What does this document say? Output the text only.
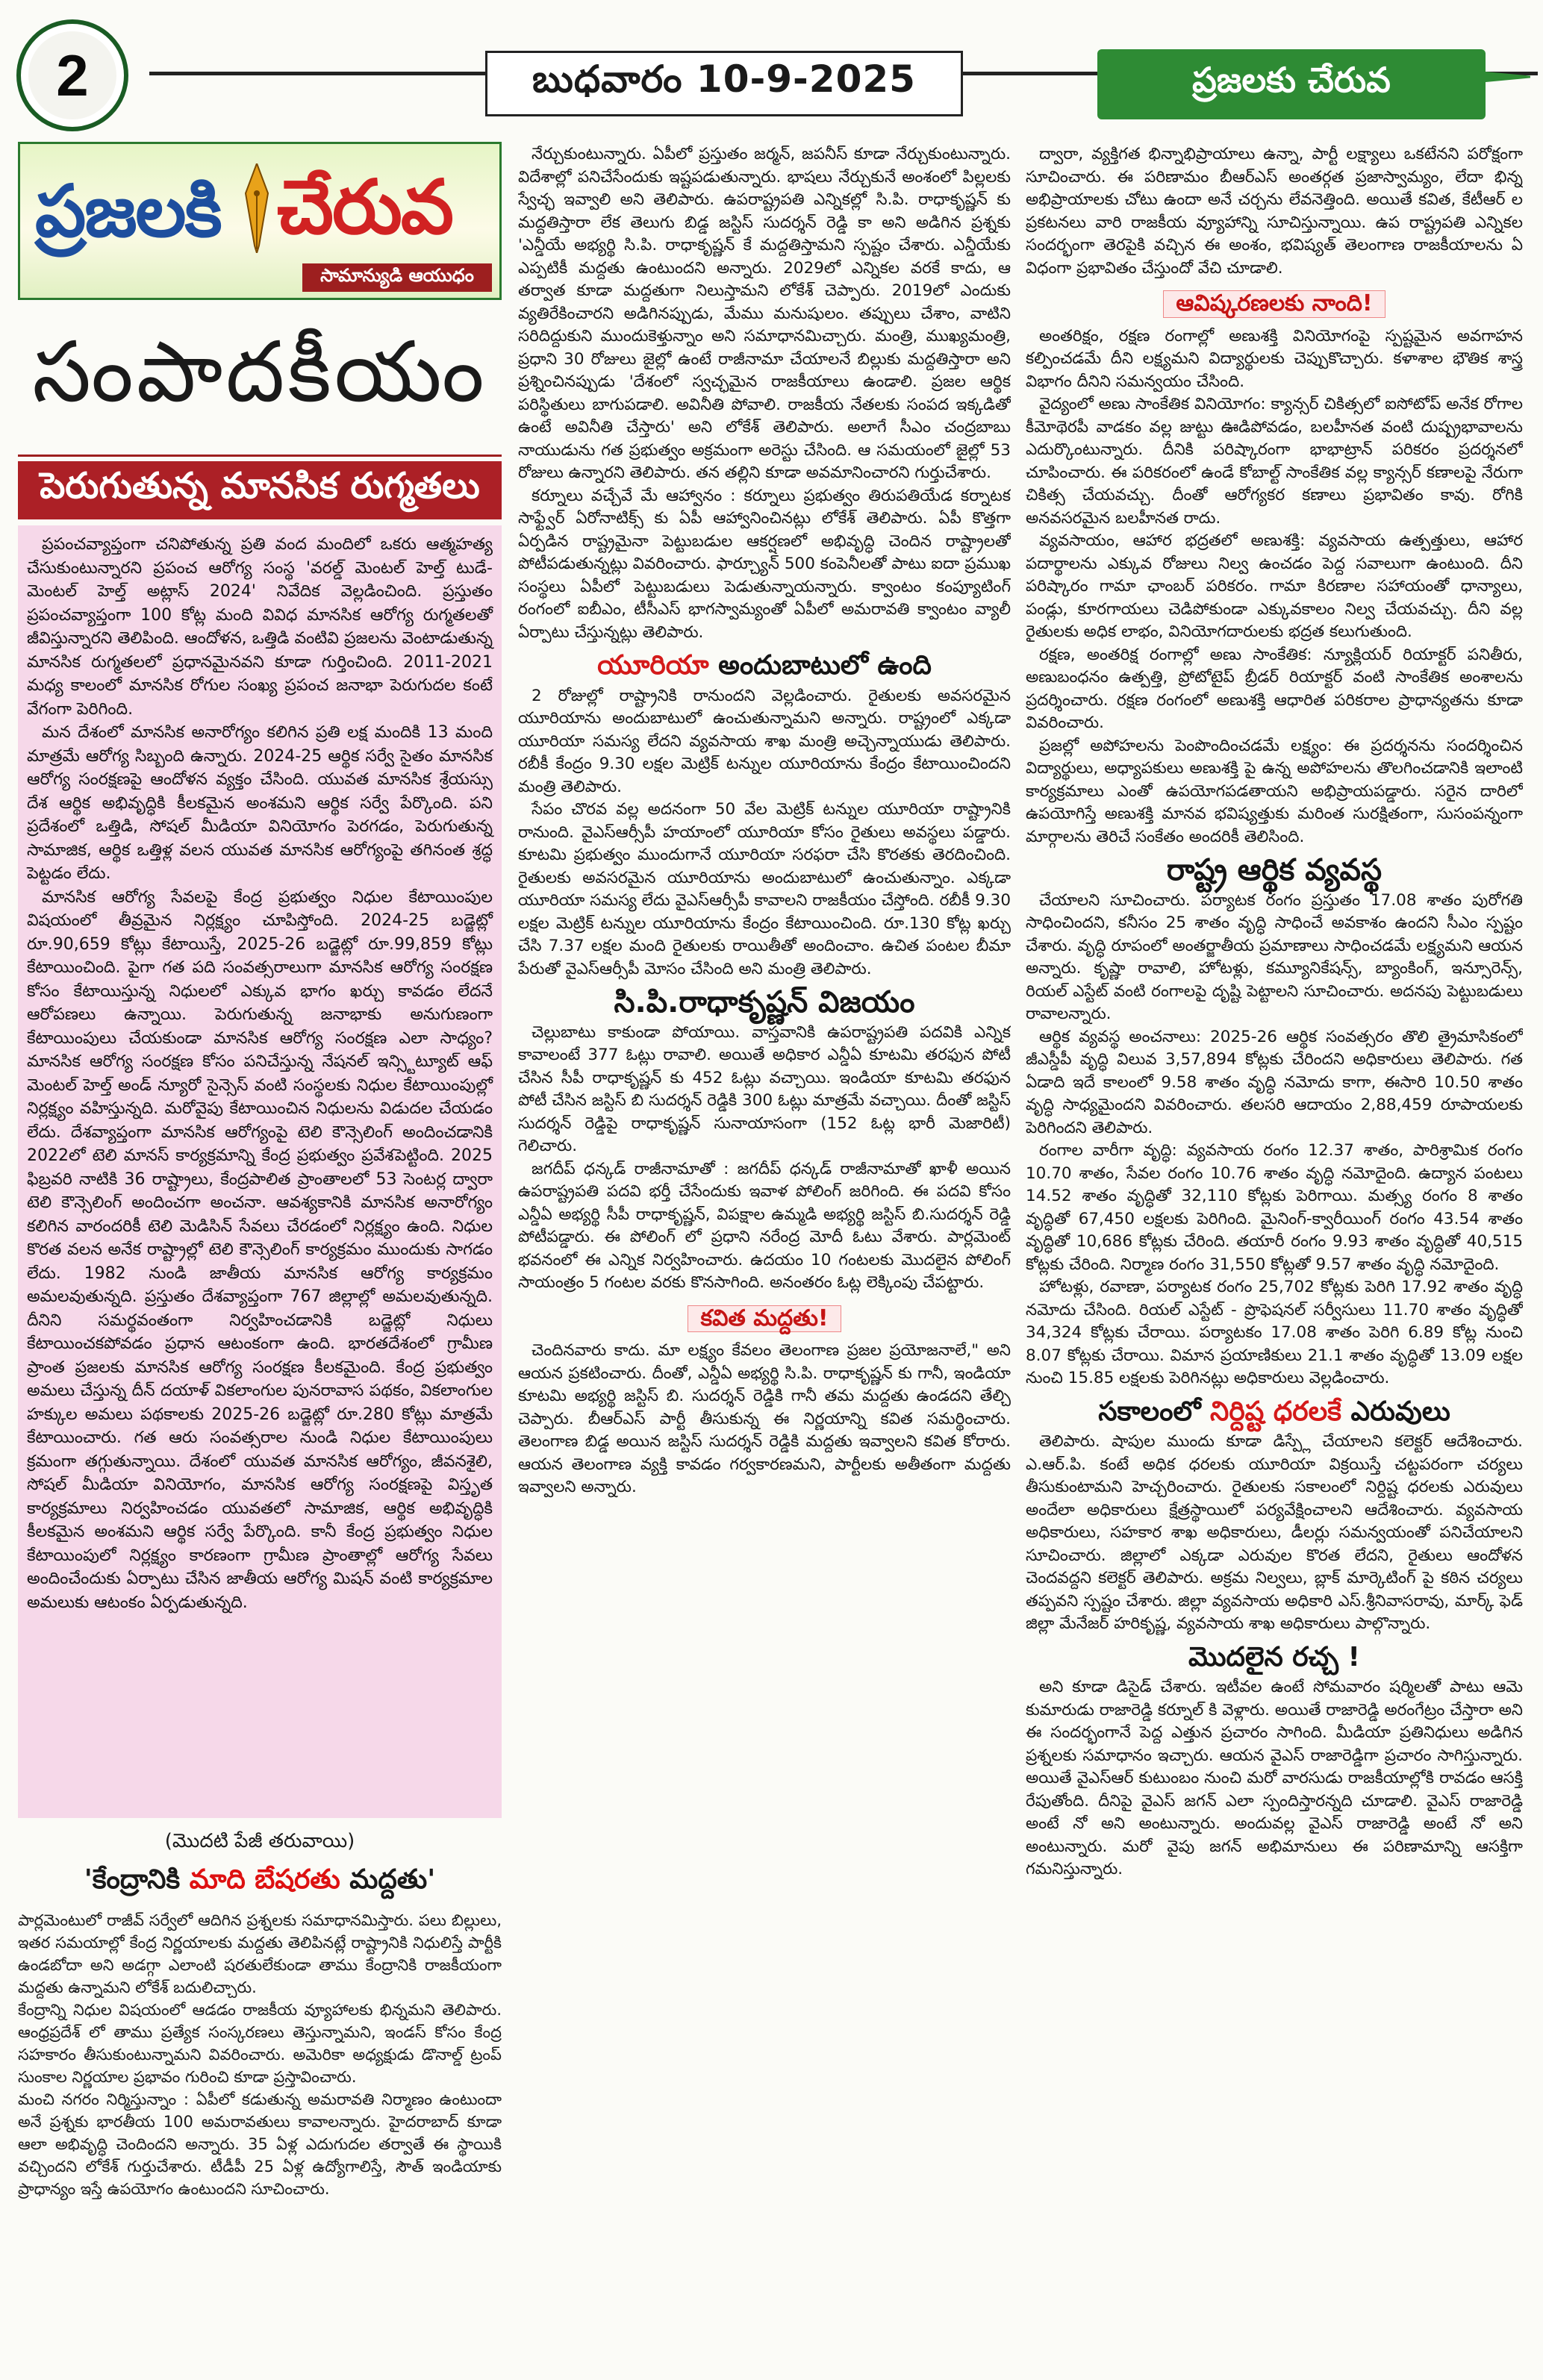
2	బుధవారం 10-9-2025	ప్రజలకు చేరువ
ప్రజలకి చేరువ
సామాన్యుడి ఆయుధం
సంపాదకీయం
పెరుగుతున్న మానసిక రుగ్మతలు

ప్రపంచవ్యాప్తంగా చనిపోతున్న ప్రతి వంద మందిలో ఒకరు ఆత్మహత్య చేసుకుంటున్నారని ప్రపంచ ఆరోగ్య సంస్థ 'వరల్డ్ మెంటల్ హెల్త్ టుడే- మెంటల్ హెల్త్ అట్లాస్ 2024' నివేదిక వెల్లడించింది. ప్రస్తుతం ప్రపంచవ్యాప్తంగా 100 కోట్ల మంది వివిధ మానసిక ఆరోగ్య రుగ్మతలతో జీవిస్తున్నారని తెలిపింది. ఆందోళన, ఒత్తిడి వంటివి ప్రజలను వెంటాడుతున్న మానసిక రుగ్మతలలో ప్రధానమైనవని కూడా గుర్తించింది. 2011-2021 మధ్య కాలంలో మానసిక రోగుల సంఖ్య ప్రపంచ జనాభా పెరుగుదల కంటే వేగంగా పెరిగింది.

మన దేశంలో మానసిక అనారోగ్యం కలిగిన ప్రతి లక్ష మందికి 13 మంది మాత్రమే ఆరోగ్య సిబ్బంది ఉన్నారు. 2024-25 ఆర్థిక సర్వే సైతం మానసిక ఆరోగ్య సంరక్షణపై ఆందోళన వ్యక్తం చేసింది. యువత మానసిక శ్రేయస్సు దేశ ఆర్థిక అభివృద్ధికి కీలకమైన అంశమని ఆర్థిక సర్వే పేర్కొంది. పని ప్రదేశంలో ఒత్తిడి, సోషల్ మీడియా వినియోగం పెరగడం, పెరుగుతున్న సామాజిక, ఆర్థిక ఒత్తిళ్ల వలన యువత మానసిక ఆరోగ్యంపై తగినంత శ్రద్ధ పెట్టడం లేదు.

మానసిక ఆరోగ్య సేవలపై కేంద్ర ప్రభుత్వం నిధుల కేటాయింపుల విషయంలో తీవ్రమైన నిర్లక్ష్యం చూపిస్తోంది. 2024-25 బడ్జెట్లో రూ.90,659 కోట్లు కేటాయిస్తే, 2025-26 బడ్జెట్లో రూ.99,859 కోట్లు కేటాయించింది. పైగా గత పది సంవత్సరాలుగా మానసిక ఆరోగ్య సంరక్షణ కోసం కేటాయిస్తున్న నిధులలో ఎక్కువ భాగం ఖర్చు కావడం లేదనే ఆరోపణలు ఉన్నాయి. పెరుగుతున్న జనాభాకు అనుగుణంగా కేటాయింపులు చేయకుండా మానసిక ఆరోగ్య సంరక్షణ ఎలా సాధ్యం? మానసిక ఆరోగ్య సంరక్షణ కోసం పనిచేస్తున్న నేషనల్ ఇన్స్టిట్యూట్ ఆఫ్ మెంటల్ హెల్త్ అండ్ న్యూరో సైన్సెస్ వంటి సంస్థలకు నిధుల కేటాయింపుల్లో నిర్లక్ష్యం వహిస్తున్నది. మరోవైపు కేటాయించిన నిధులను విడుదల చేయడం లేదు. దేశవ్యాప్తంగా మానసిక ఆరోగ్యంపై టెలి కౌన్సెలింగ్ అందించడానికి 2022లో టెలి మానస్ కార్యక్రమాన్ని కేంద్ర ప్రభుత్వం ప్రవేశపెట్టింది. 2025 ఫిబ్రవరి నాటికి 36 రాష్ట్రాలు, కేంద్రపాలిత ప్రాంతాలలో 53 సెంటర్ల ద్వారా టెలి కౌన్సెలింగ్ అందించగా అంచనా. ఆవశ్యకానికి మానసిక అనారోగ్యం కలిగిన వారందరికీ టెలి మెడిసిన్ సేవలు చేరడంలో నిర్లక్ష్యం ఉంది. నిధుల కొరత వలన అనేక రాష్ట్రాల్లో టెలి కౌన్సెలింగ్ కార్యక్రమం ముందుకు సాగడం లేదు. 1982 నుండి జాతీయ మానసిక ఆరోగ్య కార్యక్రమం అమలవుతున్నది. ప్రస్తుతం దేశవ్యాప్తంగా 767 జిల్లాల్లో అమలవుతున్నది. దీనిని సమర్థవంతంగా నిర్వహించడానికి బడ్జెట్లో నిధులు కేటాయించకపోవడం ప్రధాన ఆటంకంగా ఉంది. భారతదేశంలో గ్రామీణ ప్రాంత ప్రజలకు మానసిక ఆరోగ్య సంరక్షణ కీలకమైంది. కేంద్ర ప్రభుత్వం అమలు చేస్తున్న దీన్ దయాళ్ వికలాంగుల పునరావాస పథకం, వికలాంగుల హక్కుల అమలు పథకాలకు 2025-26 బడ్జెట్లో రూ.280 కోట్లు మాత్రమే కేటాయించారు. గత ఆరు సంవత్సరాల నుండి నిధుల కేటాయింపులు క్రమంగా తగ్గుతున్నాయి. దేశంలో యువత మానసిక ఆరోగ్యం, జీవనశైలి, సోషల్ మీడియా వినియోగం, మానసిక ఆరోగ్య సంరక్షణపై విస్తృత కార్యక్రమాలు నిర్వహించడం యువతలో సామాజిక, ఆర్థిక అభివృద్ధికి కీలకమైన అంశమని ఆర్థిక సర్వే పేర్కొంది. కానీ కేంద్ర ప్రభుత్వం నిధుల కేటాయింపులో నిర్లక్ష్యం కారణంగా గ్రామీణ ప్రాంతాల్లో ఆరోగ్య సేవలు అందించేందుకు ఏర్పాటు చేసిన జాతీయ ఆరోగ్య మిషన్ వంటి కార్యక్రమాల అమలుకు ఆటంకం ఏర్పడుతున్నది.

(మొదటి పేజీ తరువాయి)
'కేంద్రానికి మాది బేషరతు మద్దతు'

పార్లమెంటులో రాజీవ్ సర్వేలో ఆదిగిన ప్రశ్నలకు సమాధానమిస్తారు. పలు బిల్లులు, ఇతర సమయాల్లో కేంద్ర నిర్ణయాలకు మద్దతు తెలిపినట్లే రాష్ట్రానికి నిధులిస్తే పార్టీకి ఉండబోదా అని అడగ్గా ఎలాంటి షరతులేకుండా తాము కేంద్రానికి రాజకీయంగా మద్దతు ఉన్నామని లోకేశ్ బదులిచ్చారు.

కేంద్రాన్ని నిధుల విషయంలో ఆడడం రాజకీయ వ్యూహాలకు భిన్నమని తెలిపారు. ఆంధ్రప్రదేశ్ లో తాము ప్రత్యేక సంస్కరణలు తెస్తున్నామని, ఇండస్ కోసం కేంద్ర సహకారం తీసుకుంటున్నామని వివరించారు. అమెరికా అధ్యక్షుడు డొనాల్డ్ ట్రంప్ సుంకాల నిర్ణయాల ప్రభావం గురించి కూడా ప్రస్తావించారు.

మంచి నగరం నిర్మిస్తున్నాం : ఏపీలో కడుతున్న అమరావతి నిర్మాణం ఉంటుందా అనే ప్రశ్నకు భారతీయ 100 అమరావతులు కావాలన్నారు. హైదరాబాద్ కూడా ఆలా అభివృద్ధి చెందిందని అన్నారు. 35 ఏళ్ల ఎదుగుదల తర్వాతే ఈ స్థాయికి వచ్చిందని లోకేశ్ గుర్తుచేశారు. టీడీపీ 25 ఏళ్ల ఉద్యోగాలిస్తే, సౌత్ ఇండియాకు ప్రాధాన్యం ఇస్తే ఉపయోగం ఉంటుందని సూచించారు.

నేర్చుకుంటున్నారు. ఏపీలో ప్రస్తుతం జర్మన్, జపనీస్ కూడా నేర్చుకుంటున్నారు. విదేశాల్లో పనిచేసేందుకు ఇష్టపడుతున్నారు. భాషలు నేర్చుకునే అంశంలో పిల్లలకు స్వేచ్ఛ ఇవ్వాలి అని తెలిపారు. ఉపరాష్ట్రపతి ఎన్నికల్లో సి.పి. రాధాకృష్ణన్ కు మద్దతిస్తారా లేక తెలుగు బిడ్డ జస్టిస్ సుదర్శన్ రెడ్డి కా అని అడిగిన ప్రశ్నకు 'ఎన్డీయే అభ్యర్థి సి.పి. రాధాకృష్ణన్ కే మద్దతిస్తామని స్పష్టం చేశారు. ఎన్డీయేకు ఎప్పటికీ మద్దతు ఉంటుందని అన్నారు. 2029లో ఎన్నికల వరకే కాదు, ఆ తర్వాత కూడా మద్దతుగా నిలుస్తామని లోకేశ్ చెప్పారు. 2019లో ఎందుకు వ్యతిరేకించారని అడిగినప్పుడు, మేము మనుషులం. తప్పులు చేశాం, వాటిని సరిదిద్దుకుని ముందుకెళ్తున్నాం అని సమాధానమిచ్చారు. మంత్రి, ముఖ్యమంత్రి, ప్రధాని 30 రోజులు జైల్లో ఉంటే రాజీనామా చేయాలనే బిల్లుకు మద్దతిస్తారా అని ప్రశ్నించినప్పుడు 'దేశంలో స్వచ్ఛమైన రాజకీయాలు ఉండాలి. ప్రజల ఆర్థిక పరిస్థితులు బాగుపడాలి. అవినీతి పోవాలి. రాజకీయ నేతలకు సంపద ఇక్కడితో ఉంటే అవినీతి చేస్తారు' అని లోకేశ్ తెలిపారు. అలాగే సీఎం చంద్రబాబు నాయుడును గత ప్రభుత్వం అక్రమంగా అరెస్టు చేసింది. ఆ సమయంలో జైల్లో 53 రోజులు ఉన్నారని తెలిపారు. తన తల్లిని కూడా అవమానించారని గుర్తుచేశారు.

కర్నూలు వచ్చేవే మే ఆహ్వానం : కర్నూలు ప్రభుత్వం తిరుపతియేడ కర్నాటక సాఫ్ట్వేర్ ఏరోనాటిక్స్ కు ఏపీ ఆహ్వానించినట్లు లోకేశ్ తెలిపారు. ఏపీ కొత్తగా ఏర్పడిన రాష్ట్రమైనా పెట్టుబడుల ఆకర్షణలో అభివృద్ధి చెందిన రాష్ట్రాలతో పోటీపడుతున్నట్లు వివరించారు. ఫార్చ్యూన్ 500 కంపెనీలతో పాటు ఐదా ప్రముఖ సంస్థలు ఏపీలో పెట్టుబడులు పెడుతున్నాయన్నారు. క్వాంటం కంప్యూటింగ్ రంగంలో ఐబీఎం, టీసీఎస్ భాగస్వామ్యంతో ఏపీలో అమరావతి క్వాంటం వ్యాలీ ఏర్పాటు చేస్తున్నట్లు తెలిపారు.

యూరియా అందుబాటులో ఉంది

2 రోజుల్లో రాష్ట్రానికి రానుందని వెల్లడించారు. రైతులకు అవసరమైన యూరియాను అందుబాటులో ఉంచుతున్నామని అన్నారు. రాష్ట్రంలో ఎక్కడా యూరియా సమస్య లేదని వ్యవసాయ శాఖ మంత్రి అచ్చెన్నాయుడు తెలిపారు. రబీకీ కేంద్రం 9.30 లక్షల మెట్రిక్ టన్నుల యూరియాను కేంద్రం కేటాయించిందని మంత్రి తెలిపారు.

సేపం చొరవ వల్ల అదనంగా 50 వేల మెట్రిక్ టన్నుల యూరియా రాష్ట్రానికి రానుంది. వైఎస్ఆర్సీపీ హయాంలో యూరియా కోసం రైతులు అవస్థలు పడ్డారు. కూటమి ప్రభుత్వం ముందుగానే యూరియా సరఫరా చేసి కొరతకు తెరదించింది. రైతులకు అవసరమైన యూరియాను అందుబాటులో ఉంచుతున్నాం. ఎక్కడా యూరియా సమస్య లేదు వైఎస్ఆర్సీపీ కావాలని రాజకీయం చేస్తోంది. రబీకీ 9.30 లక్షల మెట్రిక్ టన్నుల యూరియాను కేంద్రం కేటాయించింది. రూ.130 కోట్ల ఖర్చు చేసి 7.37 లక్షల మంది రైతులకు రాయితీతో అందించాం. ఉచిత పంటల బీమా పేరుతో వైఎస్ఆర్సీపీ మోసం చేసింది అని మంత్రి తెలిపారు.

సి.పి.రాధాకృష్ణన్ విజయం

చెల్లుబాటు కాకుండా పోయాయి. వాస్తవానికి ఉపరాష్ట్రపతి పదవికి ఎన్నిక కావాలంటే 377 ఓట్లు రావాలి. అయితే అధికార ఎన్డీఏ కూటమి తరఫున పోటీ చేసిన సీపీ రాధాకృష్ణన్ కు 452 ఓట్లు వచ్చాయి. ఇండియా కూటమి తరఫున పోటీ చేసిన జస్టిస్ బి సుదర్శన్ రెడ్డికి 300 ఓట్లు మాత్రమే వచ్చాయి. దీంతో జస్టిస్ సుదర్శన్ రెడ్డిపై రాధాకృష్ణన్ సునాయాసంగా (152 ఓట్ల భారీ మెజారిటీ) గెలిచారు.

జగదీప్ ధన్కడ్ రాజీనామాతో : జగదీప్ ధన్కడ్ రాజీనామాతో ఖాళీ అయిన ఉపరాష్ట్రపతి పదవి భర్తీ చేసేందుకు ఇవాళ పోలింగ్ జరిగింది. ఈ పదవి కోసం ఎన్డీఏ అభ్యర్థి సీపీ రాధాకృష్ణన్, విపక్షాల ఉమ్మడి అభ్యర్థి జస్టిస్ బి.సుదర్శన్ రెడ్డి పోటీపడ్డారు. ఈ పోలింగ్ లో ప్రధాని నరేంద్ర మోదీ ఓటు వేశారు. పార్లమెంట్ భవనంలో ఈ ఎన్నిక నిర్వహించారు. ఉదయం 10 గంటలకు మొదలైన పోలింగ్ సాయంత్రం 5 గంటల వరకు కొనసాగింది. అనంతరం ఓట్ల లెక్కింపు చేపట్టారు.

కవిత మద్దతు!

చెందినవారు కాదు. మా లక్ష్యం కేవలం తెలంగాణ ప్రజల ప్రయోజనాలే," అని ఆయన ప్రకటించారు. దీంతో, ఎన్డీఏ అభ్యర్థి సి.పి. రాధాకృష్ణన్ కు గానీ, ఇండియా కూటమి అభ్యర్థి జస్టిస్ బి. సుదర్శన్ రెడ్డికి గానీ తమ మద్దతు ఉండదని తేల్చి చెప్పారు. బీఆర్ఎస్ పార్టీ తీసుకున్న ఈ నిర్ణయాన్ని కవిత సమర్థించారు. తెలంగాణ బిడ్డ అయిన జస్టిస్ సుదర్శన్ రెడ్డికి మద్దతు ఇవ్వాలని కవిత కోరారు. ఆయన తెలంగాణ వ్యక్తి కావడం గర్వకారణమని, పార్టీలకు అతీతంగా మద్దతు ఇవ్వాలని అన్నారు.

ద్వారా, వ్యక్తిగత భిన్నాభిప్రాయాలు ఉన్నా, పార్టీ లక్ష్యాలు ఒకటేనని పరోక్షంగా సూచించారు. ఈ పరిణామం బీఆర్ఎస్ అంతర్గత ప్రజాస్వామ్యం, లేదా భిన్న అభిప్రాయాలకు చోటు ఉందా అనే చర్చను లేవనెత్తింది. అయితే కవిత, కేటీఆర్ ల ప్రకటనలు వారి రాజకీయ వ్యూహాన్ని సూచిస్తున్నాయి. ఉప రాష్ట్రపతి ఎన్నికల సందర్భంగా తెరపైకి వచ్చిన ఈ అంశం, భవిష్యత్ తెలంగాణ రాజకీయాలను ఏ విధంగా ప్రభావితం చేస్తుందో వేచి చూడాలి.

ఆవిష్కరణలకు నాంది!

అంతరిక్షం, రక్షణ రంగాల్లో అణుశక్తి వినియోగంపై స్పష్టమైన అవగాహన కల్పించడమే దీని లక్ష్యమని విద్యార్థులకు చెప్పుకొచ్చారు. కళాశాల భౌతిక శాస్త్ర విభాగం దీనిని సమన్వయం చేసింది.

వైద్యంలో అణు సాంకేతిక వినియోగం: క్యాన్సర్ చికిత్సలో ఐసోటోప్ అనేక రోగాల కీమోథెరపీ వాడకం వల్ల జుట్టు ఊడిపోవడం, బలహీనత వంటి దుష్ప్రభావాలను ఎదుర్కొంటున్నారు. దీనికి పరిష్కారంగా భాభాట్రాన్ పరికరం ప్రదర్శనలో చూపించారు. ఈ పరికరంలో ఉండే కోబాల్ట్ సాంకేతిక వల్ల క్యాన్సర్ కణాలపై నేరుగా చికిత్స చేయవచ్చు. దీంతో ఆరోగ్యకర కణాలు ప్రభావితం కావు. రోగికి అనవసరమైన బలహీనత రాదు.

వ్యవసాయం, ఆహార భద్రతలో అణుశక్తి: వ్యవసాయ ఉత్పత్తులు, ఆహార పదార్థాలను ఎక్కువ రోజులు నిల్వ ఉంచడం పెద్ద సవాలుగా ఉంటుంది. దీని పరిష్కారం గామా ఛాంబర్ పరికరం. గామా కిరణాల సహాయంతో ధాన్యాలు, పండ్లు, కూరగాయలు చెడిపోకుండా ఎక్కువకాలం నిల్వ చేయవచ్చు. దీని వల్ల రైతులకు అధిక లాభం, వినియోగదారులకు భద్రత కలుగుతుంది.

రక్షణ, అంతరిక్ష రంగాల్లో అణు సాంకేతిక: న్యూక్లియర్ రియాక్టర్ పనితీరు, అణుబంధనం ఉత్పత్తి, ప్రోటోటైప్ బ్రీడర్ రియాక్టర్ వంటి సాంకేతిక అంశాలను ప్రదర్శించారు. రక్షణ రంగంలో అణుశక్తి ఆధారిత పరికరాల ప్రాధాన్యతను కూడా వివరించారు.

ప్రజల్లో అపోహలను పెంపొందించడమే లక్ష్యం: ఈ ప్రదర్శనను సందర్శించిన విద్యార్థులు, అధ్యాపకులు అణుశక్తి పై ఉన్న అపోహలను తొలగించడానికి ఇలాంటి కార్యక్రమాలు ఎంతో ఉపయోగపడతాయని అభిప్రాయపడ్డారు. సరైన దారిలో ఉపయోగిస్తే అణుశక్తి మానవ భవిష్యత్తుకు మరింత సురక్షితంగా, సుసంపన్నంగా మార్గాలను తెరిచే సంకేతం అందరికీ తెలిసింది.

రాష్ట్ర ఆర్థిక వ్యవస్థ

చేయాలని సూచించారు. పర్యాటక రంగం ప్రస్తుతం 17.08 శాతం పురోగతి సాధించిందని, కనీసం 25 శాతం వృద్ధి సాధించే అవకాశం ఉందని సీఎం స్పష్టం చేశారు. వృద్ధి రూపంలో అంతర్జాతీయ ప్రమాణాలు సాధించడమే లక్ష్యమని ఆయన అన్నారు. కృష్ణా రావాలి, హోటళ్లు, కమ్యూనికేషన్స్, బ్యాంకింగ్, ఇన్సూరెన్స్, రియల్ ఎస్టేట్ వంటి రంగాలపై దృష్టి పెట్టాలని సూచించారు. అదనపు పెట్టుబడులు రావాలన్నారు.

ఆర్థిక వ్యవస్థ అంచనాలు: 2025-26 ఆర్థిక సంవత్సరం తొలి త్రైమాసికంలో జీఎస్డీపీ వృద్ధి విలువ 3,57,894 కోట్లకు చేరిందని అధికారులు తెలిపారు. గత ఏడాది ఇదే కాలంలో 9.58 శాతం వృద్ధి నమోదు కాగా, ఈసారి 10.50 శాతం వృద్ధి సాధ్యమైందని వివరించారు. తలసరి ఆదాయం 2,88,459 రూపాయలకు పెరిగిందని తెలిపారు.

రంగాల వారీగా వృద్ధి: వ్యవసాయ రంగం 12.37 శాతం, పారిశ్రామిక రంగం 10.70 శాతం, సేవల రంగం 10.76 శాతం వృద్ధి నమోదైంది. ఉద్యాన పంటలు 14.52 శాతం వృద్ధితో 32,110 కోట్లకు పెరిగాయి. మత్స్య రంగం 8 శాతం వృద్ధితో 67,450 లక్షలకు పెరిగింది. మైనింగ్-క్వారీయింగ్ రంగం 43.54 శాతం వృద్ధితో 10,686 కోట్లకు చేరింది. తయారీ రంగం 9.93 శాతం వృద్ధితో 40,515 కోట్లకు చేరింది. నిర్మాణ రంగం 31,550 కోట్లతో 9.57 శాతం వృద్ధి నమోదైంది.

హోటళ్లు, రవాణా, పర్యాటక రంగం 25,702 కోట్లకు పెరిగి 17.92 శాతం వృద్ధి నమోదు చేసింది. రియల్ ఎస్టేట్ - ప్రొఫెషనల్ సర్వీసులు 11.70 శాతం వృద్ధితో 34,324 కోట్లకు చేరాయి. పర్యాటకం 17.08 శాతం పెరిగి 6.89 కోట్ల నుంచి 8.07 కోట్లకు చేరాయి. విమాన ప్రయాణికులు 21.1 శాతం వృద్ధితో 13.09 లక్షల నుంచి 15.85 లక్షలకు పెరిగినట్లు అధికారులు వెల్లడించారు.

సకాలంలో నిర్దిష్ట ధరలకే ఎరువులు

తెలిపారు. షాపుల ముందు కూడా డిస్ప్లే చేయాలని కలెక్టర్ ఆదేశించారు. ఎ.ఆర్.పి. కంటే అధిక ధరలకు యూరియా విక్రయిస్తే చట్టపరంగా చర్యలు తీసుకుంటామని హెచ్చరించారు. రైతులకు సకాలంలో నిర్దిష్ట ధరలకు ఎరువులు అందేలా అధికారులు క్షేత్రస్థాయిలో పర్యవేక్షించాలని ఆదేశించారు. వ్యవసాయ అధికారులు, సహకార శాఖ అధికారులు, డీలర్లు సమన్వయంతో పనిచేయాలని సూచించారు. జిల్లాలో ఎక్కడా ఎరువుల కొరత లేదని, రైతులు ఆందోళన చెందవద్దని కలెక్టర్ తెలిపారు. అక్రమ నిల్వలు, బ్లాక్ మార్కెటింగ్ పై కఠిన చర్యలు తప్పవని స్పష్టం చేశారు. జిల్లా వ్యవసాయ అధికారి ఎస్.శ్రీనివాసరావు, మార్క్ ఫెడ్ జిల్లా మేనేజర్ హరికృష్ణ, వ్యవసాయ శాఖ అధికారులు పాల్గొన్నారు.

మొదలైన రచ్చ !

అని కూడా డిసైడ్ చేశారు. ఇటీవల ఉంటే సోమవారం షర్మిలతో పాటు ఆమె కుమారుడు రాజారెడ్డి కర్నూల్ కి వెళ్లారు. అయితే రాజారెడ్డి అరంగేట్రం చేస్తారా అని ఈ సందర్భంగానే పెద్ద ఎత్తున ప్రచారం సాగింది. మీడియా ప్రతినిధులు అడిగిన ప్రశ్నలకు సమాధానం ఇచ్చారు. ఆయన వైఎస్ రాజారెడ్డిగా ప్రచారం సాగిస్తున్నారు. అయితే వైఎస్ఆర్ కుటుంబం నుంచి మరో వారసుడు రాజకీయాల్లోకి రావడం ఆసక్తి రేపుతోంది. దీనిపై వైఎస్ జగన్ ఎలా స్పందిస్తారన్నది చూడాలి. వైఎస్ రాజారెడ్డి అంటే నో అని అంటున్నారు. అందువల్ల వైఎస్ రాజారెడ్డి అంటే నో అని అంటున్నారు. మరో వైపు జగన్ అభిమానులు ఈ పరిణామాన్ని ఆసక్తిగా గమనిస్తున్నారు.
